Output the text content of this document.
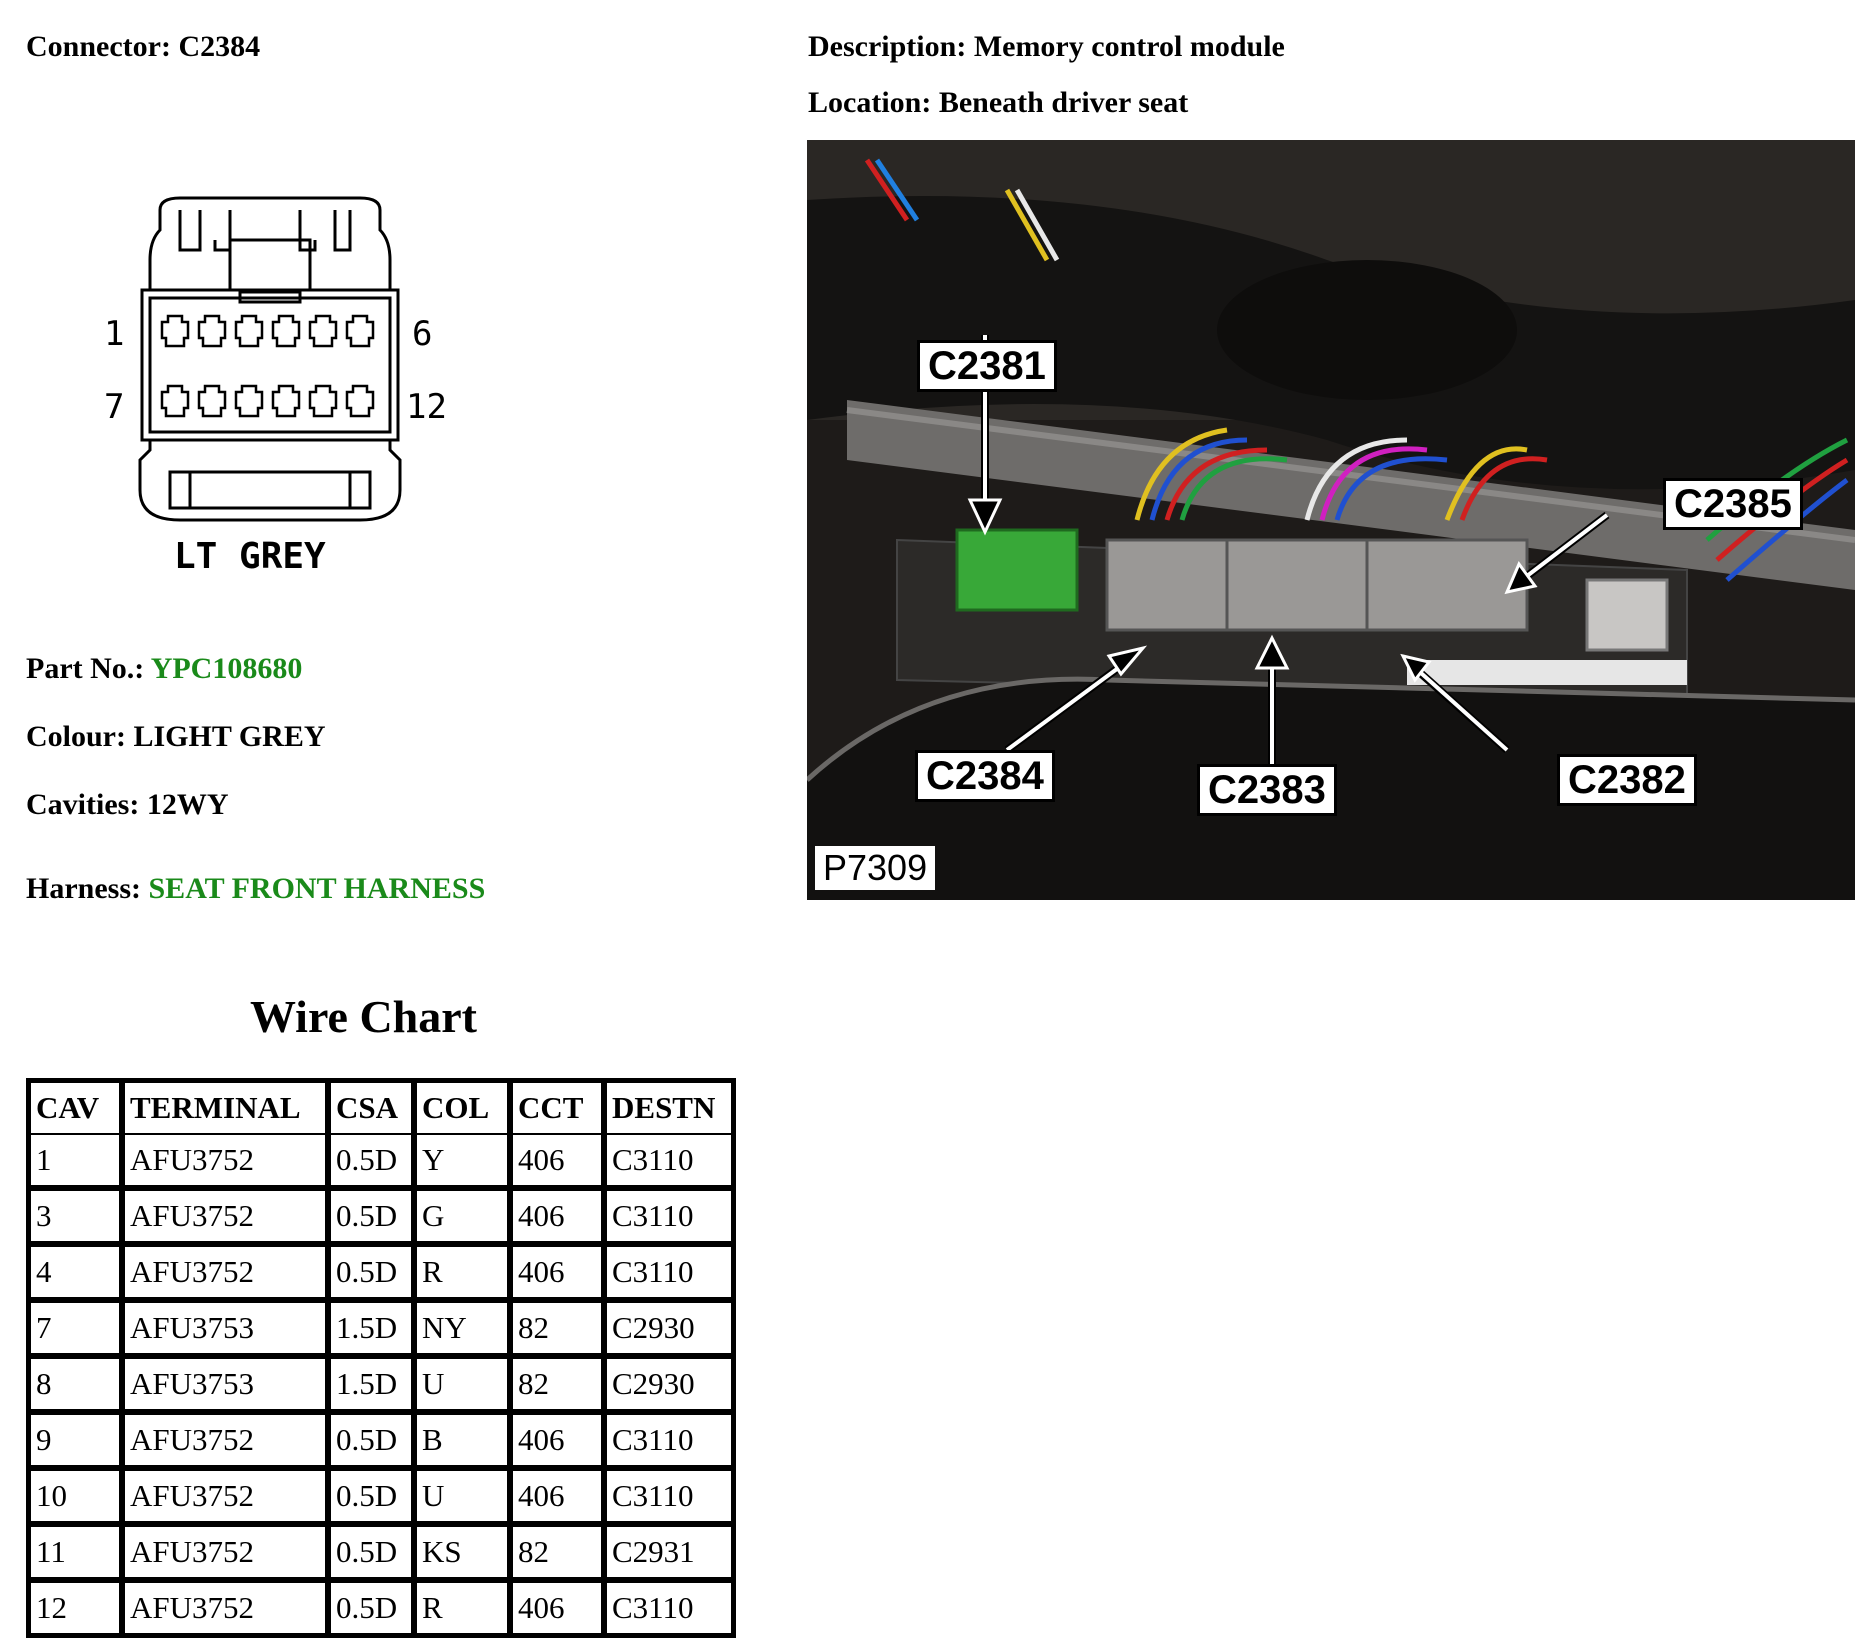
Connector: C2384	Description: Memory control module
Location: Beneath driver seat
1	6
7	12
LT GREY
Part No.: YPC108680
Colour: LIGHT GREY
Cavities: 12WY
Harness: SEAT FRONT HARNESS
C2381
C2385
C2384	C2383	C2382
P7309
Wire Chart
CAV	TERMINAL	CSA	COL	CCT	DESTN
1	AFU3752	0.5D	Y	406	C3110
3	AFU3752	0.5D	G	406	C3110
4	AFU3752	0.5D	R	406	C3110
7	AFU3753	1.5D	NY	82	C2930
8	AFU3753	1.5D	U	82	C2930
9	AFU3752	0.5D	B	406	C3110
10	AFU3752	0.5D	U	406	C3110
11	AFU3752	0.5D	KS	82	C2931
12	AFU3752	0.5D	R	406	C3110
